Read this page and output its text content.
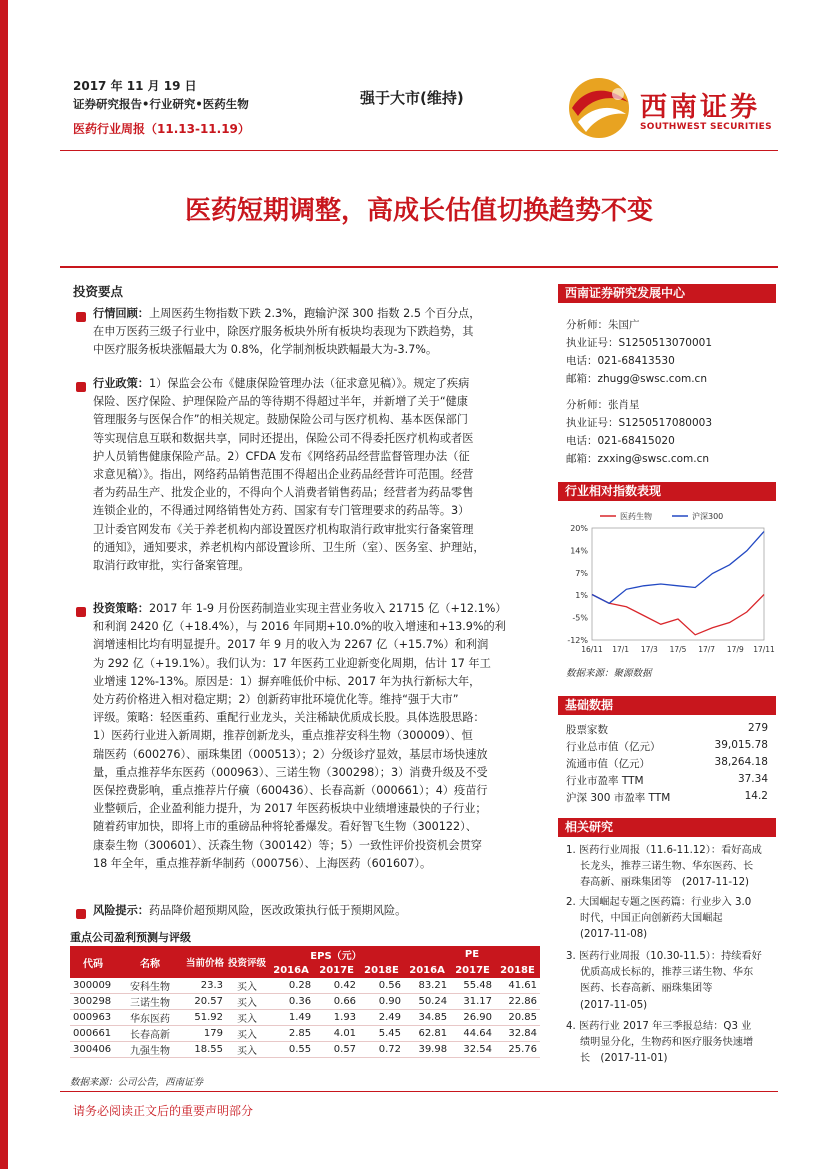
2017 年 11 月 19 日
证券研究报告•行业研究•医药生物
医药行业周报（11.13-11.19）
强于大市(维持)	西南证券
SOUTHWEST SECURITIES
医药短期调整，高成长估值切换趋势不变
投资要点
行情回顾：上周医药生物指数下跌 2.3%，跑输沪深 300 指数 2.5 个百分点，
在申万医药三级子行业中，除医疗服务板块外所有板块均表现为下跌趋势，其
中医疗服务板块涨幅最大为 0.8%，化学制剂板块跌幅最大为-3.7%。
行业政策：1）保监会公布《健康保险管理办法（征求意见稿）》。规定了疾病
保险、医疗保险、护理保险产品的等待期不得超过半年，并新增了关于“健康
管理服务与医保合作”的相关规定。鼓励保险公司与医疗机构、基本医保部门
等实现信息互联和数据共享，同时还提出，保险公司不得委托医疗机构或者医
护人员销售健康保险产品。2）CFDA 发布《网络药品经营监督管理办法（征
求意见稿）》。指出，网络药品销售范围不得超出企业药品经营许可范围。经营
者为药品生产、批发企业的，不得向个人消费者销售药品；经营者为药品零售
连锁企业的，不得通过网络销售处方药、国家有专门管理要求的药品等。3）
卫计委官网发布《关于养老机构内部设置医疗机构取消行政审批实行备案管理
的通知》，通知要求，养老机构内部设置诊所、卫生所（室）、医务室、护理站，
取消行政审批，实行备案管理。
投资策略：2017 年 1-9 月份医药制造业实现主营业务收入 21715 亿（+12.1%）
和利润 2420 亿（+18.4%），与 2016 年同期+10.0%的收入增速和+13.9%的利
润增速相比均有明显提升。2017 年 9 月的收入为 2267 亿（+15.7%）和利润
为 292 亿（+19.1%）。我们认为：17 年医药工业迎新变化周期，估计 17 年工
业增速 12%-13%。原因是：1）摒弃唯低价中标、2017 年为执行新标大年，
处方药价格进入相对稳定期；2）创新药审批环境优化等。维持“强于大市”
评级。策略：轻医重药、重配行业龙头，关注稀缺优质成长股。具体选股思路：
1）医药行业进入新周期，推荐创新龙头，重点推荐安科生物（300009）、恒
瑞医药（600276）、丽珠集团（000513）；2）分级诊疗显效，基层市场快速放
量，重点推荐华东医药（000963）、三诺生物（300298）；3）消费升级及不受
医保控费影响，重点推荐片仔癀（600436）、长春高新（000661）；4）疫苗行
业整顿后，企业盈利能力提升，为 2017 年医药板块中业绩增速最快的子行业；
随着药审加快，即将上市的重磅品种将轮番爆发。看好智飞生物（300122）、
康泰生物（300601）、沃森生物（300142）等；5）一致性评价投资机会贯穿
18 年全年，重点推荐新华制药（000756）、上海医药（601607）。
风险提示：药品降价超预期风险，医改政策执行低于预期风险。
重点公司盈利预测与评级
代码	名称	当前价格	投资评级	EPS（元）			PE		
				2016A	2017E	2018E	2016A	2017E	2018E
300009	安科生物	23.3	买入	0.28	0.42	0.56	83.21	55.48	41.61
300298	三诺生物	20.57	买入	0.36	0.66	0.90	50.24	31.17	22.86
000963	华东医药	51.92	买入	1.49	1.93	2.49	34.85	26.90	20.85
000661	长春高新	179	买入	2.85	4.01	5.45	62.81	44.64	32.84
300406	九强生物	18.55	买入	0.55	0.57	0.72	39.98	32.54	25.76
数据来源：公司公告，西南证券
西南证券研究发展中心
分析师：朱国广
执业证号：S1250513070001
电话：021-68413530
邮箱：zhugg@swsc.com.cn
分析师：张肖星
执业证号：S1250517080003
电话：021-68415020
邮箱：zxxing@swsc.com.cn
行业相对指数表现
20%
14%
7%
1%
-5%
-12%
16/11 17/1 17/3 17/5 17/7 17/9 17/11
医药生物	沪深300
数据来源：聚源数据
基础数据
股票家数	279
行业总市值（亿元）	39,015.78
流通市值（亿元）	38,264.18
行业市盈率 TTM	37.34
沪深 300 市盈率 TTM	14.2
相关研究
1. 医药行业周报（11.6-11.12）：看好高成
长龙头，推荐三诺生物、华东医药、长
春高新、丽珠集团等　(2017-11-12)
2. 大国崛起专题之医药篇：行业步入 3.0
时代，中国正向创新药大国崛起
(2017-11-08)
3. 医药行业周报（10.30-11.5）：持续看好
优质高成长标的，推荐三诺生物、华东
医药、长春高新、丽珠集团等
(2017-11-05)
4. 医药行业 2017 年三季报总结：Q3 业
绩明显分化，生物药和医疗服务快速增
长　(2017-11-01)
请务必阅读正文后的重要声明部分
